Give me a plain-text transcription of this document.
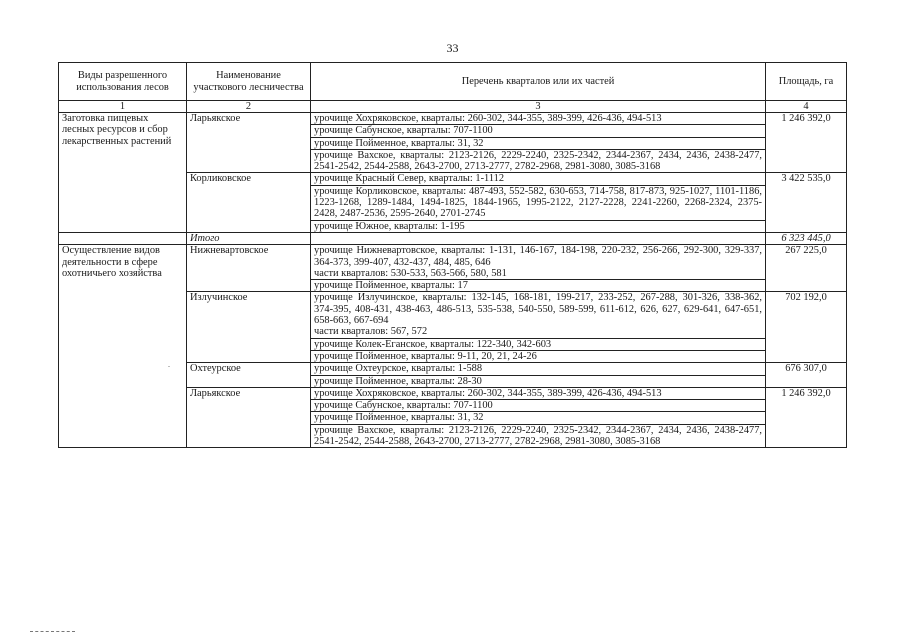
33
Виды разрешенного использования лесов	Наименование участкового лесничества	Перечень кварталов или их частей	Площадь, га
1	2	3	4
Заготовка пищевых лесных ресурсов и сбор лекарственных растений	Ларьякское	урочище Хохряковское, кварталы: 260-302, 344-355, 389-399, 426-436, 494-513	1 246 392,0
		урочище Сабунское, кварталы: 707-1100	
		урочище Пойменное, кварталы: 31, 32	
		урочище Вахское, кварталы: 2123-2126, 2229-2240, 2325-2342, 2344-2367, 2434, 2436, 2438-2477, 2541-2542, 2544-2588, 2643-2700, 2713-2777, 2782-2968, 2981-3080, 3085-3168	
	Корликовское	урочище Красный Север, кварталы: 1-1112	3 422 535,0
		урочище Корликовское, кварталы: 487-493, 552-582, 630-653, 714-758, 817-873, 925-1027, 1101-1186, 1223-1268, 1289-1484, 1494-1825, 1844-1965, 1995-2122, 2127-2228, 2241-2260, 2268-2324, 2375-2428, 2487-2536, 2595-2640, 2701-2745	
		урочище Южное, кварталы: 1-195	
	Итого		6 323 445,0
Осуществление видов деятельности в сфере охотничьего хозяйства	Нижневартовское	урочище Нижневартовское, кварталы: 1-131, 146-167, 184-198, 220-232, 256-266, 292-300, 329-337, 364-373, 399-407, 432-437, 484, 485, 646
части кварталов: 530-533, 563-566, 580, 581	267 225,0
		урочище Пойменное, кварталы: 17	
	Излучинское	урочище Излучинское, кварталы: 132-145, 168-181, 199-217, 233-252, 267-288, 301-326, 338-362, 374-395, 408-431, 438-463, 486-513, 535-538, 540-550, 589-599, 611-612, 626, 627, 629-641, 647-651, 658-663, 667-694
части кварталов: 567, 572	702 192,0
		урочище Колек-Еганское, кварталы: 122-340, 342-603	
		урочище Пойменное, кварталы: 9-11, 20, 21, 24-26	
	Охтеурское	урочище Охтеурское, кварталы: 1-588	676 307,0
		урочище Пойменное, кварталы: 28-30	
	Ларьякское	урочище Хохряковское, кварталы: 260-302, 344-355, 389-399, 426-436, 494-513	1 246 392,0
		урочище Сабунское, кварталы: 707-1100	
		урочище Пойменное, кварталы: 31, 32	
		урочище Вахское, кварталы: 2123-2126, 2229-2240, 2325-2342, 2344-2367, 2434, 2436, 2438-2477, 2541-2542, 2544-2588, 2643-2700, 2713-2777, 2782-2968, 2981-3080, 3085-3168	
.
